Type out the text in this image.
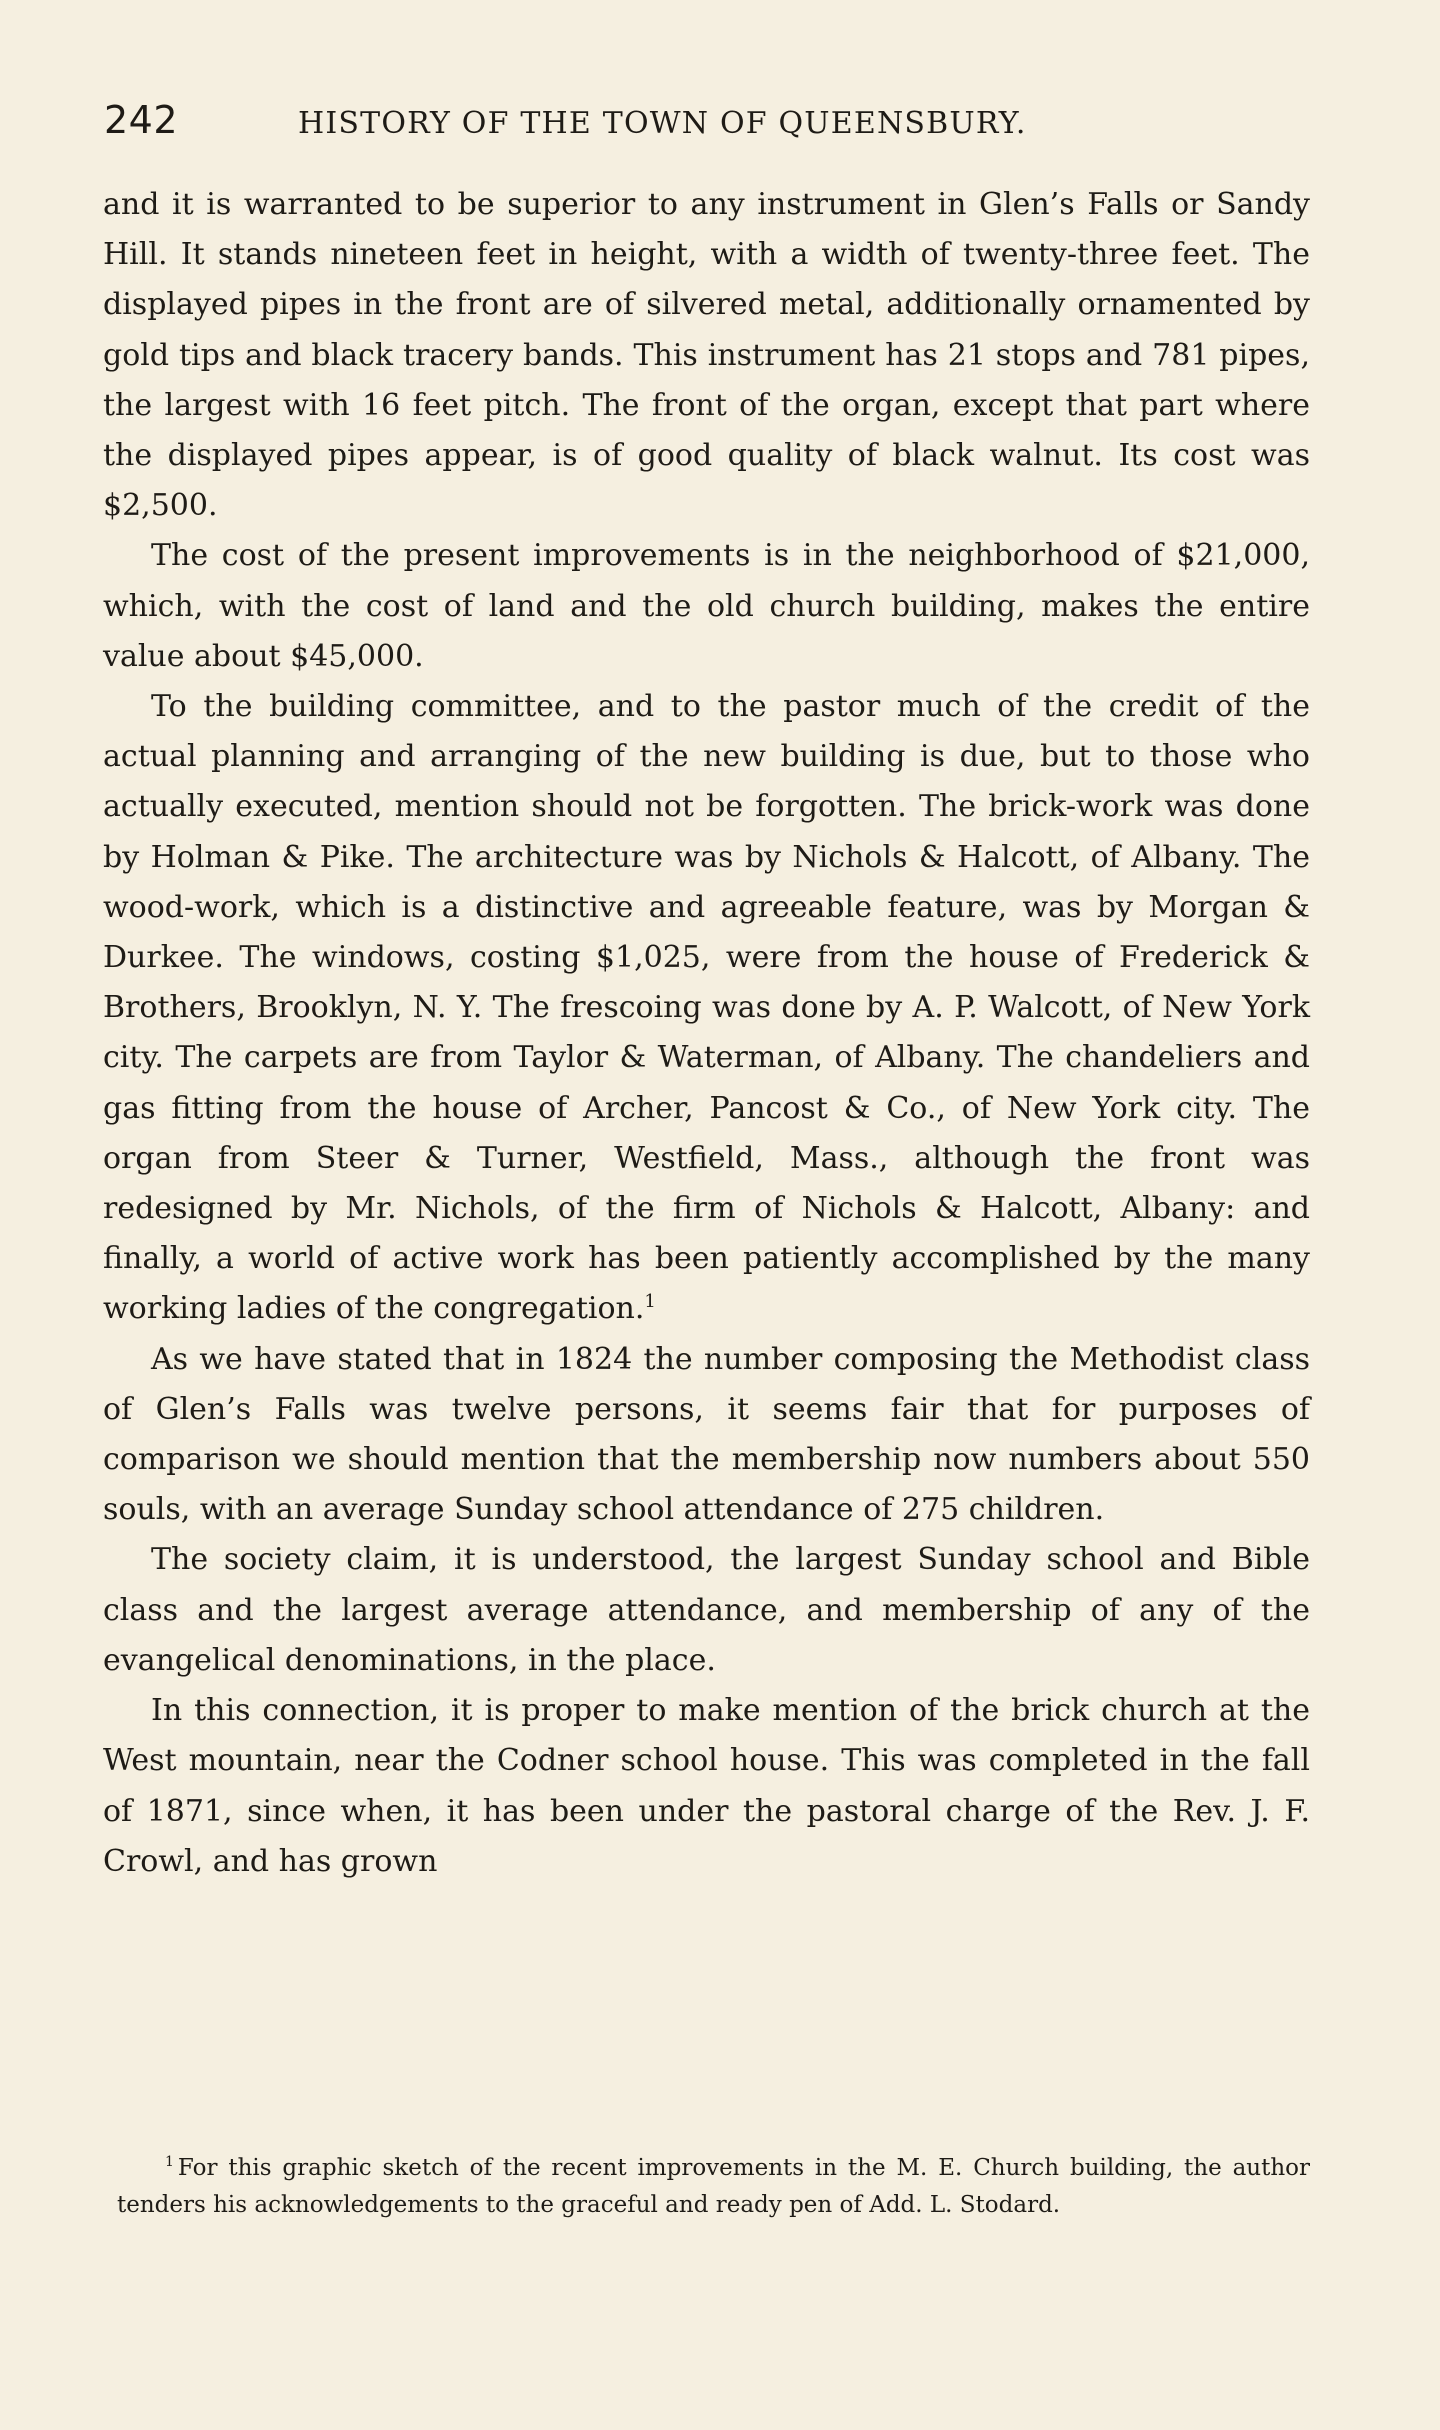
242	HISTORY OF THE TOWN OF QUEENSBURY.

and it is warranted to be superior to any instrument in Glen’s Falls or Sandy Hill. It stands nineteen feet in height, with a width of twenty-three feet. The displayed pipes in the front are of silvered metal, additionally ornamented by gold tips and black tracery bands. This instrument has 21 stops and 781 pipes, the largest with 16 feet pitch. The front of the organ, except that part where the displayed pipes appear, is of good quality of black walnut. Its cost was $2,500.

The cost of the present improvements is in the neighborhood of $21,000, which, with the cost of land and the old church building, makes the entire value about $45,000.

To the building committee, and to the pastor much of the credit of the actual planning and arranging of the new building is due, but to those who actually executed, mention should not be forgotten. The brick-work was done by Holman & Pike. The architecture was by Nichols & Halcott, of Albany. The wood-work, which is a distinctive and agreeable feature, was by Morgan & Durkee. The windows, costing $1,025, were from the house of Frederick & Brothers, Brooklyn, N. Y. The frescoing was done by A. P. Walcott, of New York city. The carpets are from Taylor & Waterman, of Albany. The chandeliers and gas fitting from the house of Archer, Pancost & Co., of New York city. The organ from Steer & Turner, Westfield, Mass., although the front was redesigned by Mr. Nichols, of the firm of Nichols & Halcott, Albany: and finally, a world of active work has been patiently accomplished by the many working ladies of the congregation.$^1$

As we have stated that in 1824 the number composing the Methodist class of Glen’s Falls was twelve persons, it seems fair that for purposes of comparison we should mention that the membership now numbers about 550 souls, with an average Sunday school attendance of 275 children.

The society claim, it is understood, the largest Sunday school and Bible class and the largest average attendance, and membership of any of the evangelical denominations, in the place.

In this connection, it is proper to make mention of the brick church at the West mountain, near the Codner school house. This was completed in the fall of 1871, since when, it has been under the pastoral charge of the Rev. J. F. Crowl, and has grown

$^1$ For this graphic sketch of the recent improvements in the M. E. Church building, the author tenders his acknowledgements to the graceful and ready pen of Add. L. Stodard.
